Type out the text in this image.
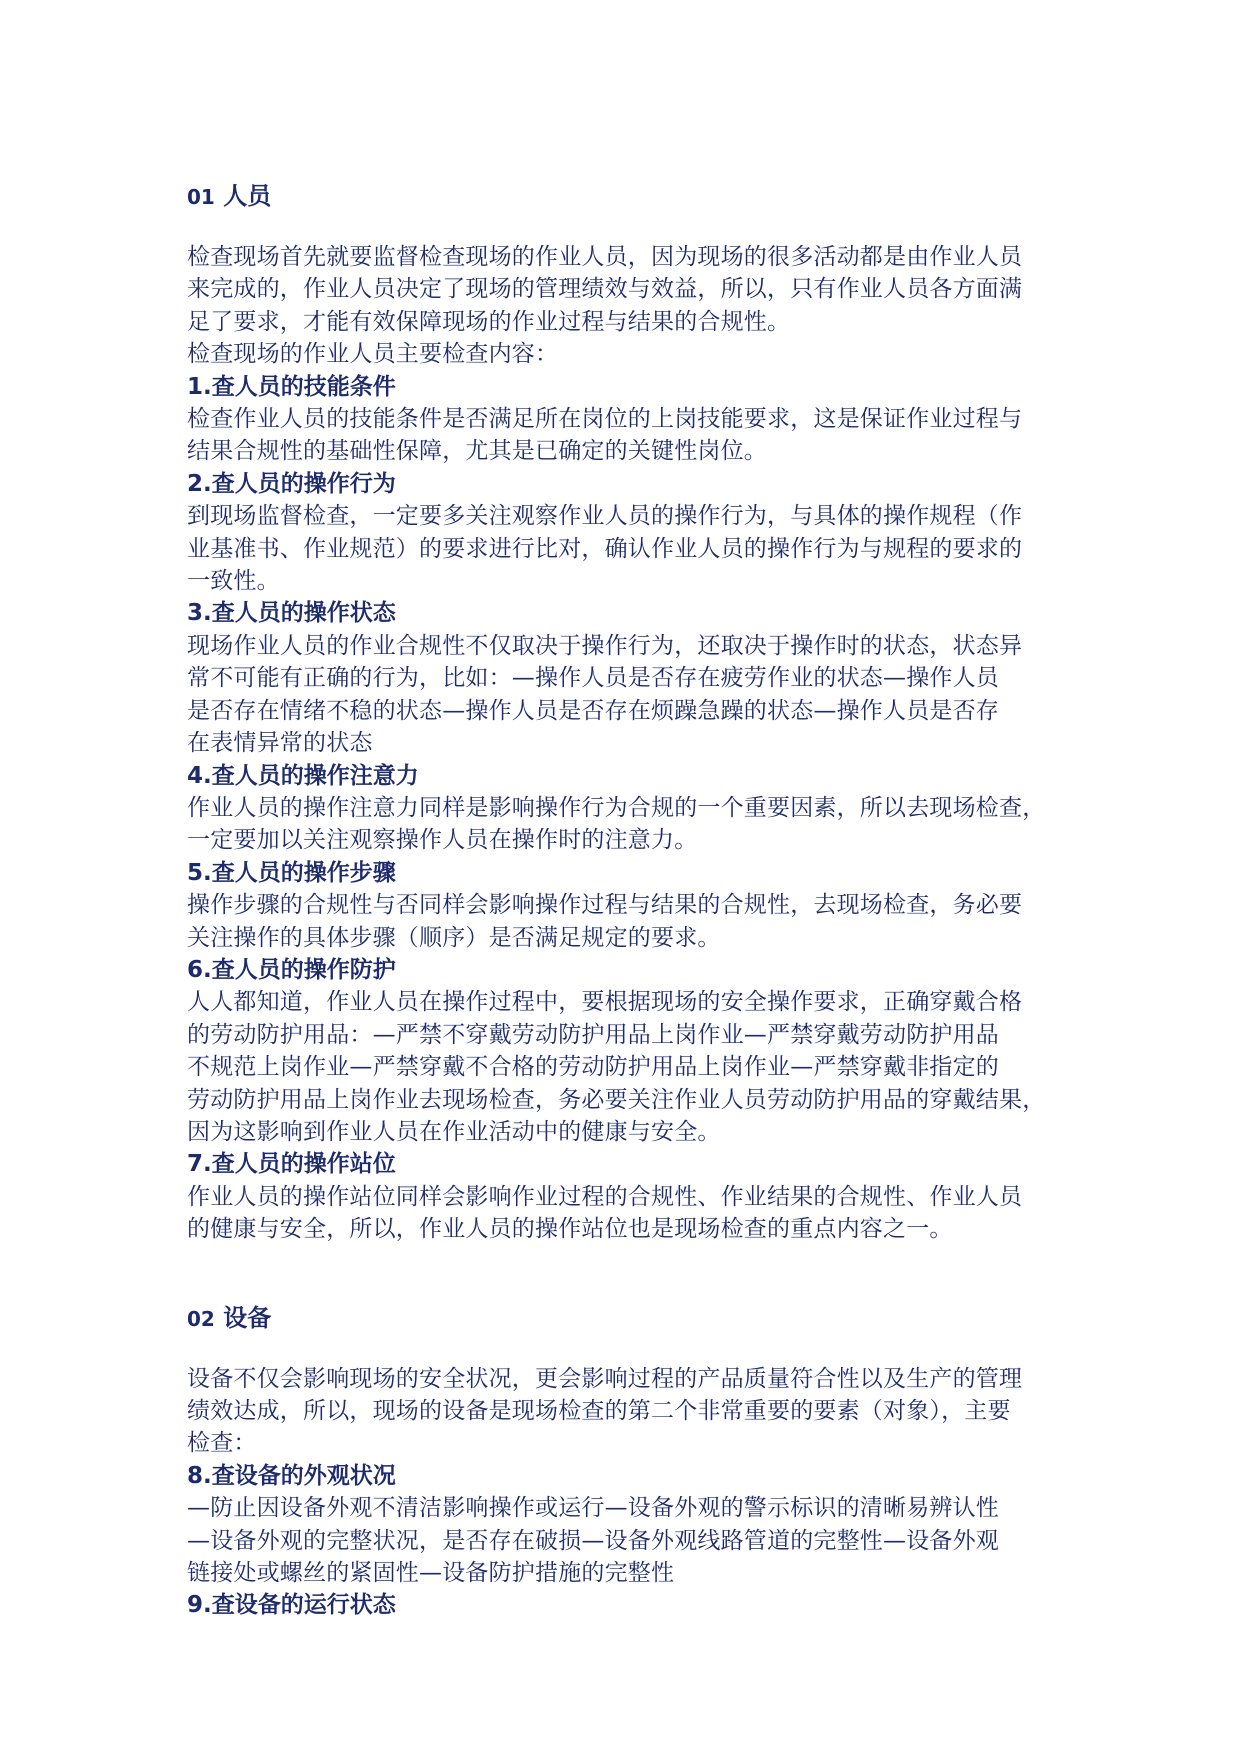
01 人员

检查现场首先就要监督检查现场的作业人员，因为现场的很多活动都是由作业人员
来完成的，作业人员决定了现场的管理绩效与效益，所以，只有作业人员各方面满
足了要求，才能有效保障现场的作业过程与结果的合规性。
检查现场的作业人员主要检查内容：

1.查人员的技能条件

检查作业人员的技能条件是否满足所在岗位的上岗技能要求，这是保证作业过程与
结果合规性的基础性保障，尤其是已确定的关键性岗位。

2.查人员的操作行为

到现场监督检查，一定要多关注观察作业人员的操作行为，与具体的操作规程（作
业基准书、作业规范）的要求进行比对，确认作业人员的操作行为与规程的要求的
一致性。

3.查人员的操作状态

现场作业人员的作业合规性不仅取决于操作行为，还取决于操作时的状态，状态异
常不可能有正确的行为，比如：—操作人员是否存在疲劳作业的状态—操作人员
是否存在情绪不稳的状态—操作人员是否存在烦躁急躁的状态—操作人员是否存
在表情异常的状态

4.查人员的操作注意力

作业人员的操作注意力同样是影响操作行为合规的一个重要因素，所以去现场检查，
一定要加以关注观察操作人员在操作时的注意力。

5.查人员的操作步骤

操作步骤的合规性与否同样会影响操作过程与结果的合规性，去现场检查，务必要
关注操作的具体步骤（顺序）是否满足规定的要求。

6.查人员的操作防护

人人都知道，作业人员在操作过程中，要根据现场的安全操作要求，正确穿戴合格
的劳动防护用品：—严禁不穿戴劳动防护用品上岗作业—严禁穿戴劳动防护用品
不规范上岗作业—严禁穿戴不合格的劳动防护用品上岗作业—严禁穿戴非指定的
劳动防护用品上岗作业去现场检查，务必要关注作业人员劳动防护用品的穿戴结果，
因为这影响到作业人员在作业活动中的健康与安全。

7.查人员的操作站位

作业人员的操作站位同样会影响作业过程的合规性、作业结果的合规性、作业人员
的健康与安全，所以，作业人员的操作站位也是现场检查的重点内容之一。

02 设备

设备不仅会影响现场的安全状况，更会影响过程的产品质量符合性以及生产的管理
绩效达成，所以，现场的设备是现场检查的第二个非常重要的要素（对象），主要
检查：

8.查设备的外观状况

—防止因设备外观不清洁影响操作或运行—设备外观的警示标识的清晰易辨认性
—设备外观的完整状况，是否存在破损—设备外观线路管道的完整性—设备外观
链接处或螺丝的紧固性—设备防护措施的完整性

9.查设备的运行状态
